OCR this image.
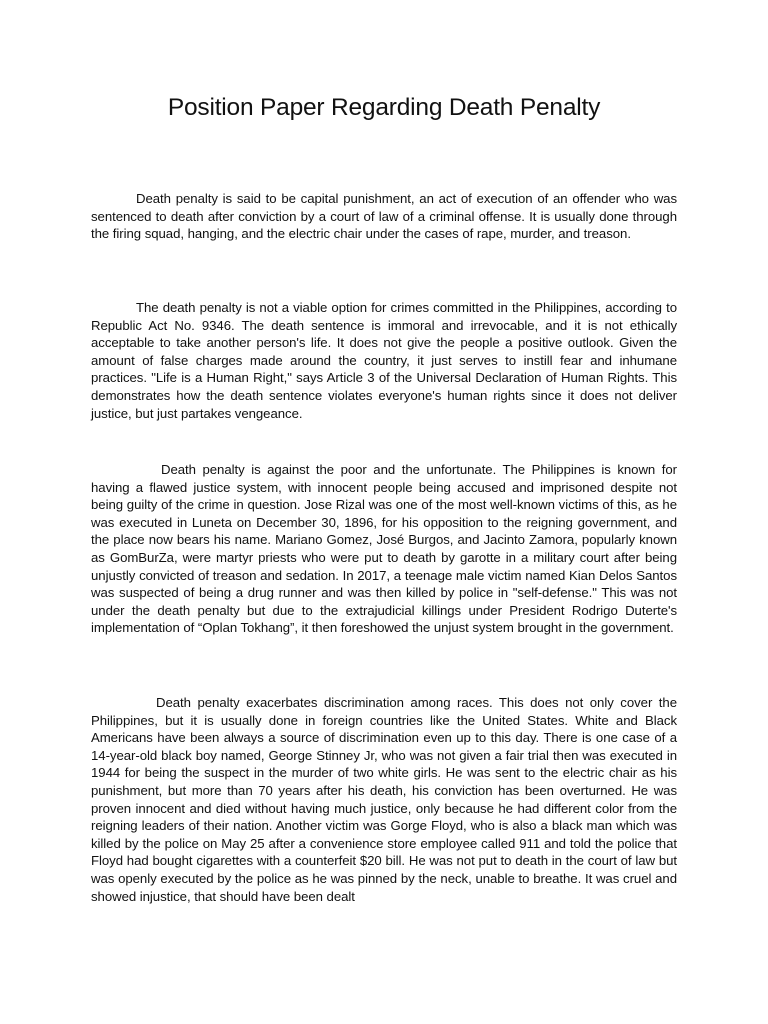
Position Paper Regarding Death Penalty

Death penalty is said to be capital punishment, an act of execution of an offender who was sentenced to death after conviction by a court of law of a criminal offense. It is usually done through the firing squad, hanging, and the electric chair under the cases of rape, murder, and treason.

The death penalty is not a viable option for crimes committed in the Philippines, according to Republic Act No. 9346. The death sentence is immoral and irrevocable, and it is not ethically acceptable to take another person's life. It does not give the people a positive outlook. Given the amount of false charges made around the country, it just serves to instill fear and inhumane practices. "Life is a Human Right," says Article 3 of the Universal Declaration of Human Rights. This demonstrates how the death sentence violates everyone's human rights since it does not deliver justice, but just partakes vengeance.

Death penalty is against the poor and the unfortunate. The Philippines is known for having a flawed justice system, with innocent people being accused and imprisoned despite not being guilty of the crime in question. Jose Rizal was one of the most well-known victims of this, as he was executed in Luneta on December 30, 1896, for his opposition to the reigning government, and the place now bears his name. Mariano Gomez, José Burgos, and Jacinto Zamora, popularly known as GomBurZa, were martyr priests who were put to death by garotte in a military court after being unjustly convicted of treason and sedation. In 2017, a teenage male victim named Kian Delos Santos was suspected of being a drug runner and was then killed by police in "self-defense." This was not under the death penalty but due to the extrajudicial killings under President Rodrigo Duterte's implementation of “Oplan Tokhang”, it then foreshowed the unjust system brought in the government.

Death penalty exacerbates discrimination among races. This does not only cover the Philippines, but it is usually done in foreign countries like the United States. White and Black Americans have been always a source of discrimination even up to this day. There is one case of a 14-year-old black boy named, George Stinney Jr, who was not given a fair trial then was executed in 1944 for being the suspect in the murder of two white girls. He was sent to the electric chair as his punishment, but more than 70 years after his death, his conviction has been overturned. He was proven innocent and died without having much justice, only because he had different color from the reigning leaders of their nation. Another victim was Gorge Floyd, who is also a black man which was killed by the police on May 25 after a convenience store employee called 911 and told the police that Floyd had bought cigarettes with a counterfeit $20 bill. He was not put to death in the court of law but was openly executed by the police as he was pinned by the neck, unable to breathe. It was cruel and showed injustice, that should have been dealt
